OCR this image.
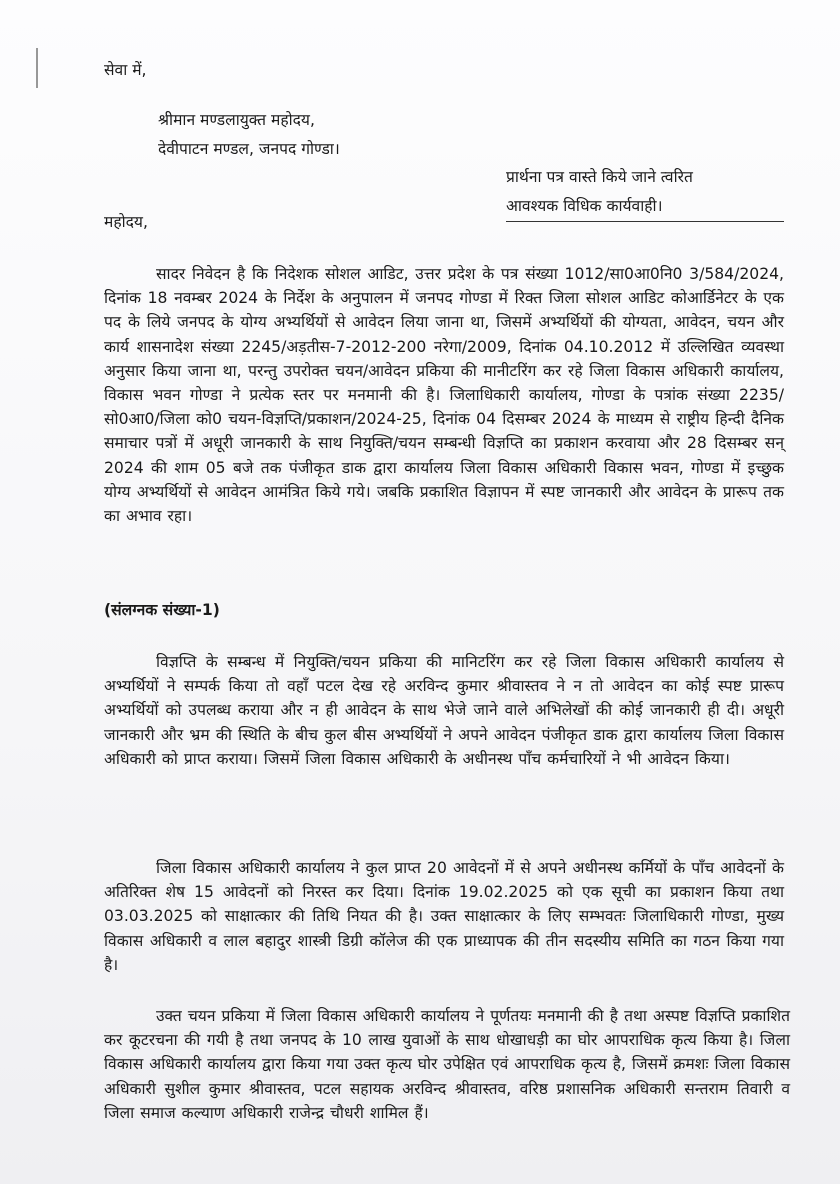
सेवा में,
श्रीमान मण्डलायुक्त महोदय,
देवीपाटन मण्डल, जनपद गोण्डा।
प्रार्थना पत्र वास्ते किये जाने त्वरित
आवश्यक विधिक कार्यवाही।
महोदय,
सादर निवेदन है कि निदेशक सोशल आडिट, उत्तर प्रदेश के पत्र संख्या 1012/सा0आ0नि0 3/584/2024, दिनांक 18 नवम्बर 2024 के निर्देश के अनुपालन में जनपद गोण्डा में रिक्त जिला सोशल आडिट कोआर्डिनेटर के एक पद के लिये जनपद के योग्य अभ्यर्थियों से आवेदन लिया जाना था, जिसमें अभ्यर्थियों की योग्यता, आवेदन, चयन और कार्य शासनादेश संख्या 2245/अड़तीस-7-2012-200 नरेगा/2009, दिनांक 04.10.2012 में उल्लिखित व्यवस्था अनुसार किया जाना था, परन्तु उपरोक्त चयन/आवेदन प्रकिया की मानीटरिंग कर रहे जिला विकास अधिकारी कार्यालय, विकास भवन गोण्डा ने प्रत्येक स्तर पर मनमानी की है। जिलाधिकारी कार्यालय, गोण्डा के पत्रांक संख्या 2235/सो0आ0/जिला को0 चयन-विज्ञप्ति/प्रकाशन/2024-25, दिनांक 04 दिसम्बर 2024 के माध्यम से राष्ट्रीय हिन्दी दैनिक समाचार पत्रों में अधूरी जानकारी के साथ नियुक्ति/चयन सम्बन्धी विज्ञप्ति का प्रकाशन करवाया और 28 दिसम्बर सन् 2024 की शाम 05 बजे तक पंजीकृत डाक द्वारा कार्यालय जिला विकास अधिकारी विकास भवन, गोण्डा में इच्छुक योग्य अभ्यर्थियों से आवेदन आमंत्रित किये गये। जबकि प्रकाशित विज्ञापन में स्पष्ट जानकारी और आवेदन के प्रारूप तक का अभाव रहा।
(संलग्नक संख्या-1)
विज्ञप्ति के सम्बन्ध में नियुक्ति/चयन प्रकिया की मानिटरिंग कर रहे जिला विकास अधिकारी कार्यालय से अभ्यर्थियों ने सम्पर्क किया तो वहाँ पटल देख रहे अरविन्द कुमार श्रीवास्तव ने न तो आवेदन का कोई स्पष्ट प्रारूप अभ्यर्थियों को उपलब्ध कराया और न ही आवेदन के साथ भेजे जाने वाले अभिलेखों की कोई जानकारी ही दी। अधूरी जानकारी और भ्रम की स्थिति के बीच कुल बीस अभ्यर्थियों ने अपने आवेदन पंजीकृत डाक द्वारा कार्यालय जिला विकास अधिकारी को प्राप्त कराया। जिसमें जिला विकास अधिकारी के अधीनस्थ पाँच कर्मचारियों ने भी आवेदन किया।
जिला विकास अधिकारी कार्यालय ने कुल प्राप्त 20 आवेदनों में से अपने अधीनस्थ कर्मियों के पाँच आवेदनों के अतिरिक्त शेष 15 आवेदनों को निरस्त कर दिया। दिनांक 19.02.2025 को एक सूची का प्रकाशन किया तथा 03.03.2025 को साक्षात्कार की तिथि नियत की है। उक्त साक्षात्कार के लिए सम्भवतः जिलाधिकारी गोण्डा, मुख्य विकास अधिकारी व लाल बहादुर शास्त्री डिग्री कॉलेज की एक प्राध्यापक की तीन सदस्यीय समिति का गठन किया गया है।
उक्त चयन प्रकिया में जिला विकास अधिकारी कार्यालय ने पूर्णतयः मनमानी की है तथा अस्पष्ट विज्ञप्ति प्रकाशित कर कूटरचना की गयी है तथा जनपद के 10 लाख युवाओं के साथ धोखाधड़ी का घोर आपराधिक कृत्य किया है। जिला विकास अधिकारी कार्यालय द्वारा किया गया उक्त कृत्य घोर उपेक्षित एवं आपराधिक कृत्य है, जिसमें क्रमशः जिला विकास अधिकारी सुशील कुमार श्रीवास्तव, पटल सहायक अरविन्द श्रीवास्तव, वरिष्ठ प्रशासनिक अधिकारी सन्तराम तिवारी व जिला समाज कल्याण अधिकारी राजेन्द्र चौधरी शामिल हैं।
